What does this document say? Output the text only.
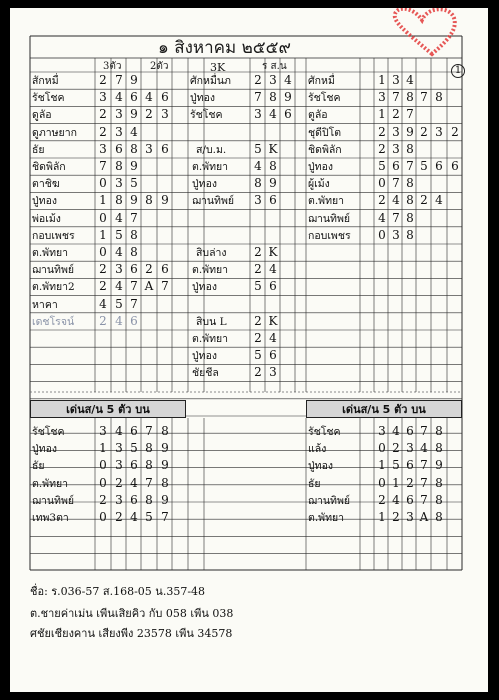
๑ สิงหาคม ๒๕๕๙
1
3ตัว	2ตัว	3K	ร ส.น
สักหมื่	2 7 9
รัชโชค	3 4 6 4 6
ดูลัอ	2 3 9 2 3
ดูภาษยาก 2 3 4
ธัย	3 6 8 3 6
ชิดพิลัก	7 8 9
ตาชิฆ	0 3 5
ปู่ทอง	1 8 9 8 9
พ่อเม้ง	0 4 7
กอบเพชร 1 5 8
ต.พัทยา	0 4 8
ฌานทิพย์ 2 3 6 2 6
ต.พัทยา2 2 4 7 A 7
หาคา	4 5 7
เดชโรจน์ 2 4 6
ศักหมื่นภ 2 3 4
ปู่ทอง	7 8 9
รัชโชค	3 4 6
ส/บ.ม. 5 K
ต.พัทยา 4 8
ปู่ทอง	8 9
ฌานทิพย์ 3 6
สิบล่าง 2 K
ต.พัทยา 2 4
ปู่ทอง	5 6
สิบน L 2 K
ต.พัทยา 2 4
ปู่ทอง	5 6
ชัยชีล	2 3
ศักหมื่	1 3 4
รัชโชค	3 7 8 7 8
ตูลัอ	1 2 7
ชุดีปิโต	2 3 9 2 3 2
ชิดพิลัก	2 3 8
ปู่ทอง	5 6 7 5 6 6
ผู้เม้ง	0 7 8
ต.พัทยา	2 4 8 2 4
ฌานทิพย์ 4 7 8
กอบเพชร 0 3 8
รัชโชค	3 4 6 7 8
ปู่ทอง	1 3 5 8 9
ธัย	0 3 6 8 9
ต.พัทยา	0 2 4 7 8
ฌานทิพย์ 2 3 6 8 9
เทพ3ตา	0 2 4 5 7
รัชโชค	3 4 6 7 8
แล้ง	0 2 3 4 8
ปู่ทอง	1 5 6 7 9
ธัย	0 1 2 7 8
ฌานทิพย์ 2 4 6 7 8
ต.พัทยา	1 2 3 A 8
เด่นส/น 5 ตัว บน	เด่นส/น 5 ตัว บน
ชื่อ: ร.036-57 ส.168-05 น.357-48
ต.ชายค่าเม่น เพีนเสิยคิว กับ 058 เพีน 038
ศชัยเชียงคาน เสียงพีง 23578 เพีน 34578
